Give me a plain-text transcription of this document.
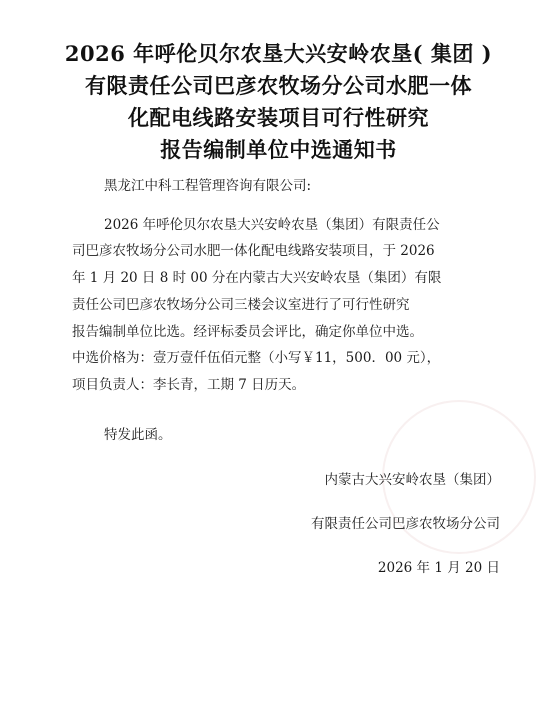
2026 年呼伦贝尔农垦大兴安岭农垦( 集团 )
有限责任公司巴彦农牧场分公司水肥一体
化配电线路安装项目可行性研究
报告编制单位中选通知书
黑龙江中科工程管理咨询有限公司:
2026 年呼伦贝尔农垦大兴安岭农垦（集团）有限责任公
司巴彦农牧场分公司水肥一体化配电线路安装项目，于 2026
年 1 月 20 日 8 时 00 分在内蒙古大兴安岭农垦（集团）有限
责任公司巴彦农牧场分公司三楼会议室进行了可行性研究
报告编制单位比选。经评标委员会评比，确定你单位中选。
中选价格为：壹万壹仟伍佰元整（小写￥11，500．00 元），
项目负责人：李长青，工期 7 日历天。
特发此函。
内蒙古大兴安岭农垦（集团）
有限责任公司巴彦农牧场分公司
2026 年 1 月 20 日
